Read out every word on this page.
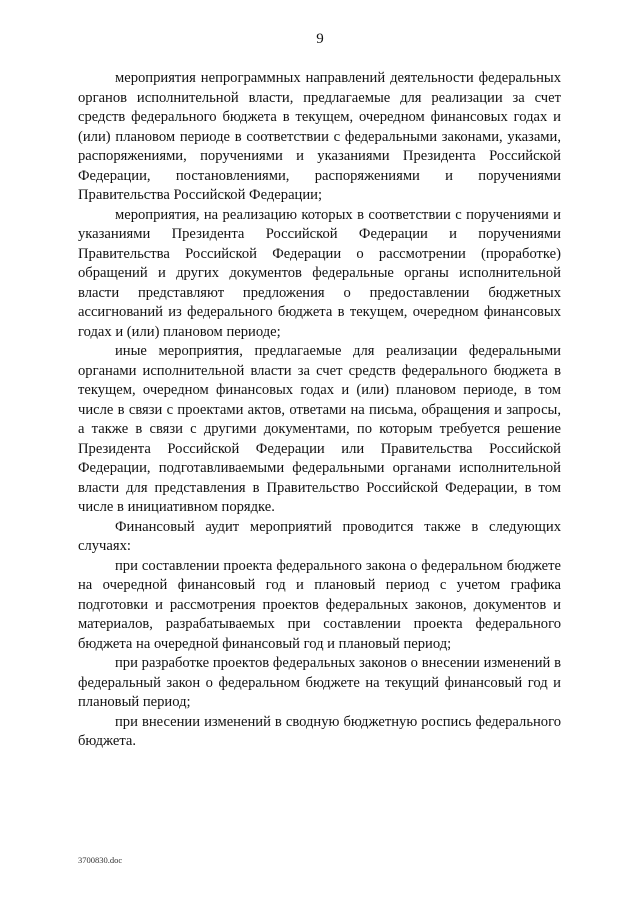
9

мероприятия непрограммных направлений деятельности федеральных органов исполнительной власти, предлагаемые для реализации за счет средств федерального бюджета в текущем, очередном финансовых годах и (или) плановом периоде в соответствии с федеральными законами, указами, распоряжениями, поручениями и указаниями Президента Российской Федерации, постановлениями, распоряжениями и поручениями Правительства Российской Федерации;

мероприятия, на реализацию которых в соответствии с поручениями и указаниями Президента Российской Федерации и поручениями Правительства Российской Федерации о рассмотрении (проработке) обращений и других документов федеральные органы исполнительной власти представляют предложения о предоставлении бюджетных ассигнований из федерального бюджета в текущем, очередном финансовых годах и (или) плановом периоде;

иные мероприятия, предлагаемые для реализации федеральными органами исполнительной власти за счет средств федерального бюджета в текущем, очередном финансовых годах и (или) плановом периоде, в том числе в связи с проектами актов, ответами на письма, обращения и запросы, а также в связи с другими документами, по которым требуется решение Президента Российской Федерации или Правительства Российской Федерации, подготавливаемыми федеральными органами исполнительной власти для представления в Правительство Российской Федерации, в том числе в инициативном порядке.

Финансовый аудит мероприятий проводится также в следующих случаях:

при составлении проекта федерального закона о федеральном бюджете на очередной финансовый год и плановый период с учетом графика подготовки и рассмотрения проектов федеральных законов, документов и материалов, разрабатываемых при составлении проекта федерального бюджета на очередной финансовый год и плановый период;

при разработке проектов федеральных законов о внесении изменений в федеральный закон о федеральном бюджете на текущий финансовый год и плановый период;

при внесении изменений в сводную бюджетную роспись федерального бюджета.

3700830.doc
